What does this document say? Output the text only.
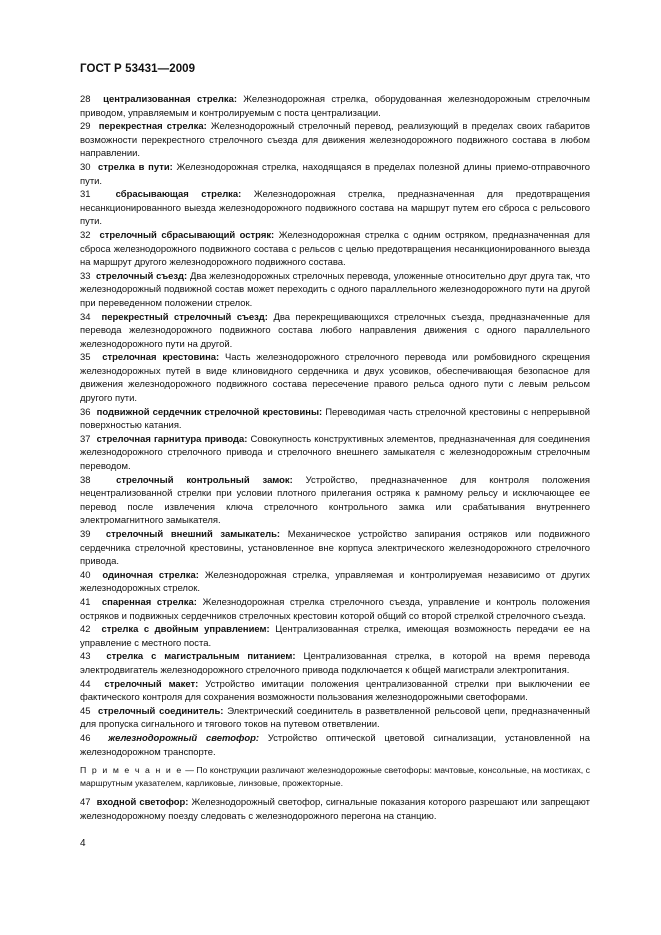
ГОСТ Р 53431—2009

28 централизованная стрелка: Железнодорожная стрелка, оборудованная железнодорожным стрелочным приводом, управляемым и контролируемым с поста централизации.

29 перекрестная стрелка: Железнодорожный стрелочный перевод, реализующий в пределах своих габаритов возможности перекрестного стрелочного съезда для движения железнодорожного подвижного состава в любом направлении.

30 стрелка в пути: Железнодорожная стрелка, находящаяся в пределах полезной длины приемо-отправочного пути.

31	сбрасывающая стрелка: Железнодорожная стрелка, предназначенная для предотвращения несанкционированного выезда железнодорожного подвижного состава на маршрут путем его сброса с рельсового пути.

32 стрелочный сбрасывающий остряк: Железнодорожная стрелка с одним остряком, предназначенная для сброса железнодорожного подвижного состава с рельсов с целью предотвращения несанкционированного выезда на маршрут другого железнодорожного подвижного состава.

33 стрелочный съезд: Два железнодорожных стрелочных перевода, уложенные относительно друг друга так, что железнодорожный подвижной состав может переходить с одного параллельного железнодорожного пути на другой при переведенном положении стрелок.

34 перекрестный стрелочный съезд: Два перекрещивающихся стрелочных съезда, предназначенные для перевода железнодорожного подвижного состава любого направления движения с одного параллельного железнодорожного пути на другой.

35 стрелочная крестовина: Часть железнодорожного стрелочного перевода или ромбовидного скрещения железнодорожных путей в виде клиновидного сердечника и двух усовиков, обеспечивающая безопасное для движения железнодорожного подвижного состава пересечение правого рельса одного пути с левым рельсом другого пути.

36 подвижной сердечник стрелочной крестовины: Переводимая часть стрелочной крестовины с непрерывной поверхностью катания.

37 стрелочная гарнитура привода: Совокупность конструктивных элементов, предназначенная для соединения железнодорожного стрелочного привода и стрелочного внешнего замыкателя с железнодорожным стрелочным переводом.

38	стрелочный контрольный замок: Устройство, предназначенное для контроля положения нецентрализованной стрелки при условии плотного прилегания остряка к рамному рельсу и исключающее ее перевод после извлечения ключа стрелочного контрольного замка или срабатывания внутреннего электромагнитного замыкателя.

39 стрелочный внешний замыкатель: Механическое устройство запирания остряков или подвижного сердечника стрелочной крестовины, установленное вне корпуса электрического железнодорожного стрелочного привода.

40 одиночная стрелка: Железнодорожная стрелка, управляемая и контролируемая независимо от других железнодорожных стрелок.

41 спаренная стрелка: Железнодорожная стрелка стрелочного съезда, управление и контроль положения остряков и подвижных сердечников стрелочных крестовин которой общий со второй стрелкой стрелочного съезда.

42 стрелка с двойным управлением: Централизованная стрелка, имеющая возможность передачи ее на управление с местного поста.

43 стрелка с магистральным питанием: Централизованная стрелка, в которой на время перевода электродвигатель железнодорожного стрелочного привода подключается к общей магистрали электропитания.

44 стрелочный макет: Устройство имитации положения централизованной стрелки при выключении ее фактического контроля для сохранения возможности пользования железнодорожными светофорами.

45 стрелочный соединитель: Электрический соединитель в разветвленной рельсовой цепи, предназначенный для пропуска сигнального и тягового токов на путевом ответвлении.

46 железнодорожный светофор: Устройство оптической цветовой сигнализации, установленной на железнодорожном транспорте.

П р и м е ч а н и е — По конструкции различают железнодорожные светофоры: мачтовые, консольные, на мостиках, с маршрутным указателем, карликовые, линзовые, прожекторные.

47 входной светофор: Железнодорожный светофор, сигнальные показания которого разрешают или запрещают железнодорожному поезду следовать с железнодорожного перегона на станцию.

4
